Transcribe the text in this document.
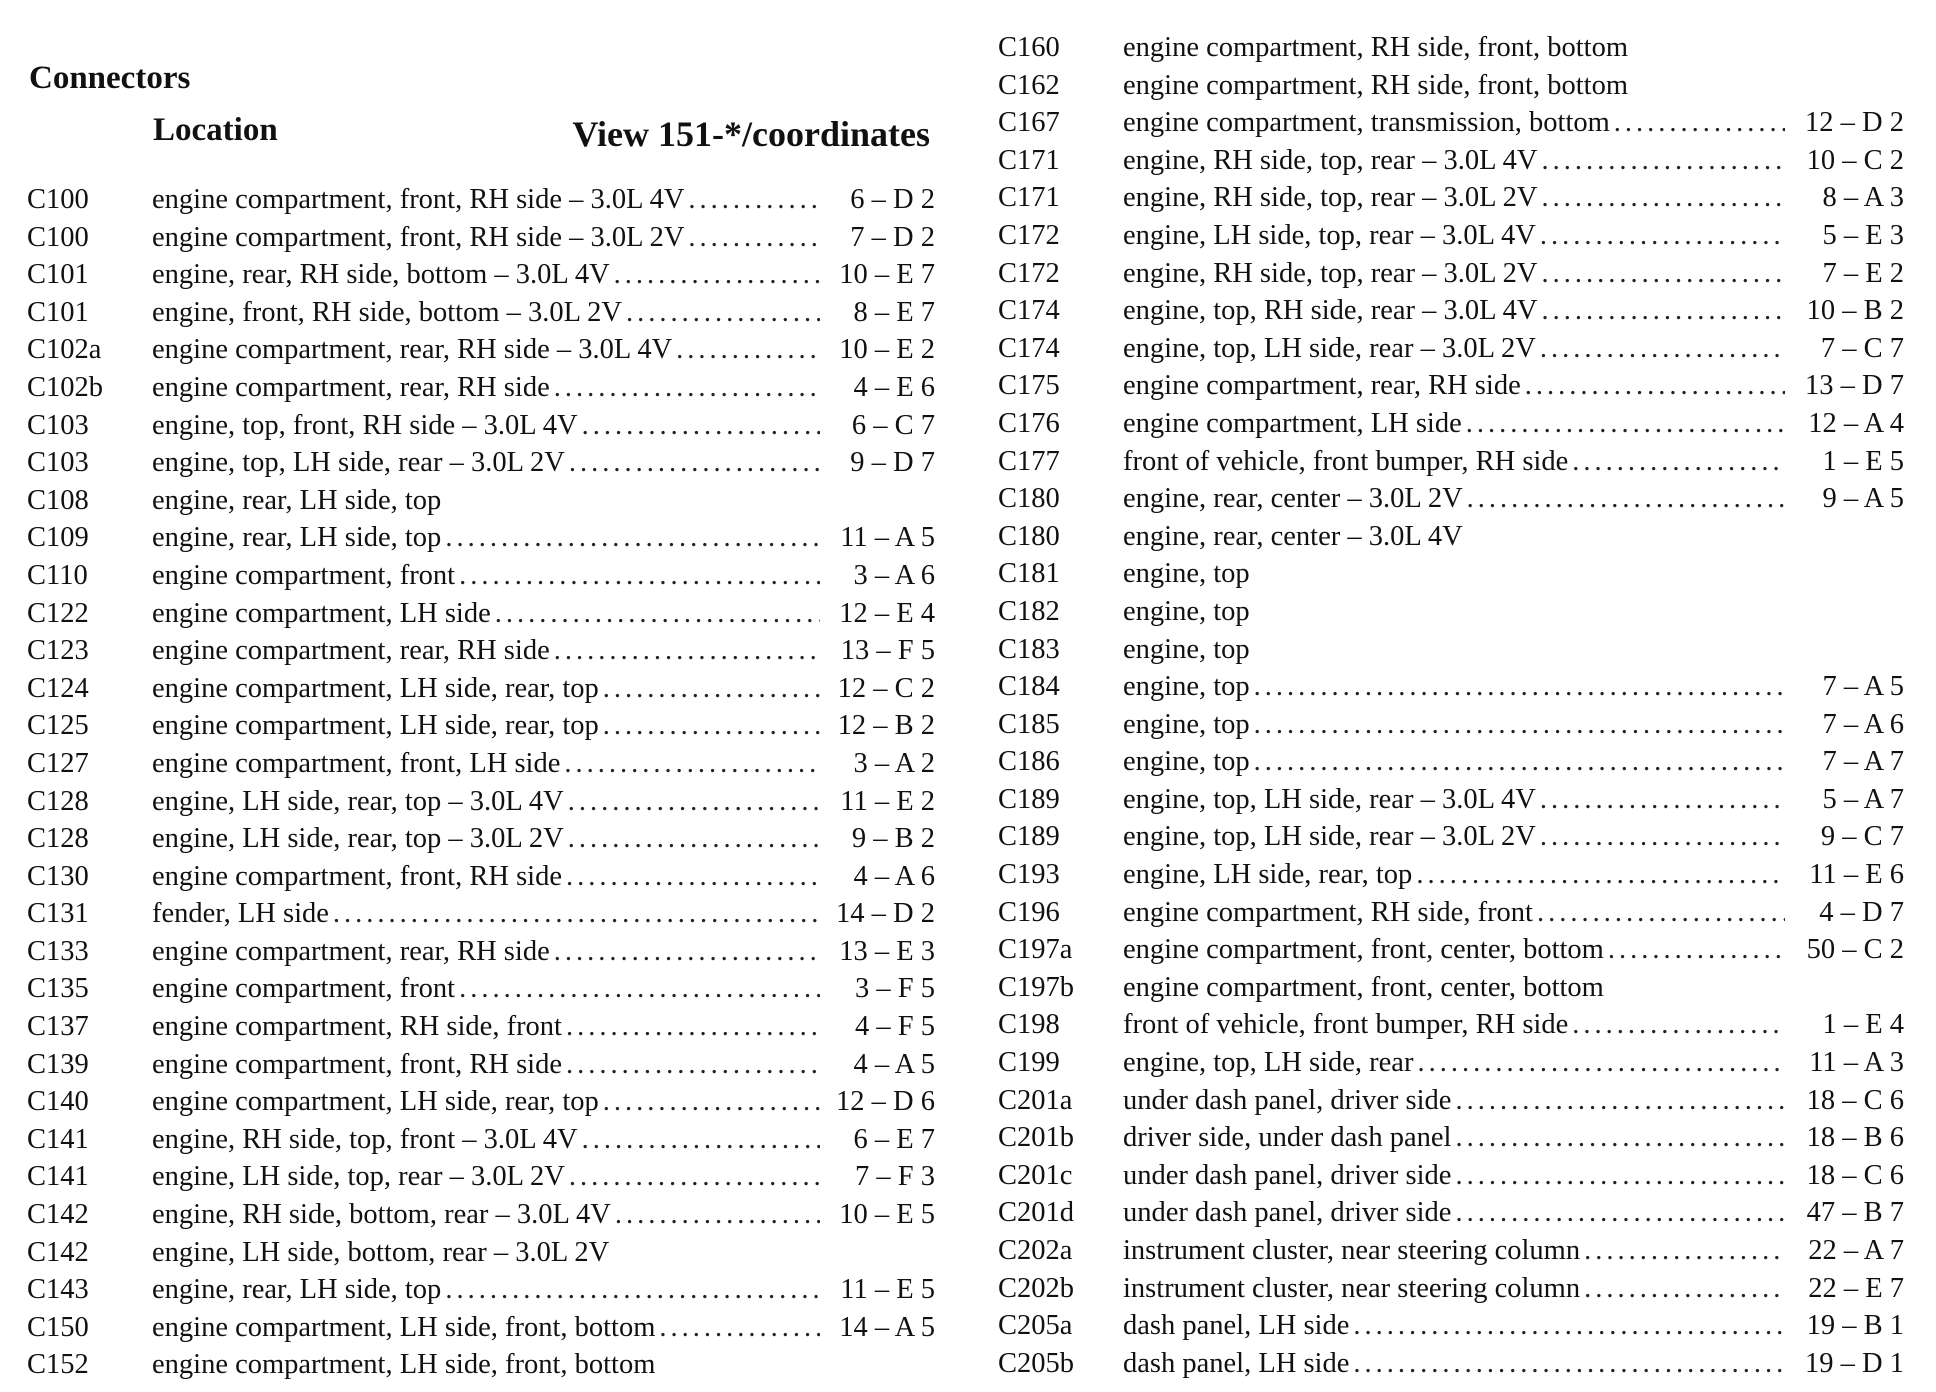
Connectors
Location	View 151-*/coordinates
C100 engine compartment, front, RH side – 3.0L 4V .....	6 – D 2
C100 engine compartment, front, RH side – 3.0L 2V .....	7 – D 2
C101 engine, rear, RH side, bottom – 3.0L 4V .....	10 – E 7
C101 engine, front, RH side, bottom – 3.0L 2V .....	8 – E 7
C102a engine compartment, rear, RH side – 3.0L 4V .....	10 – E 2
C102b engine compartment, rear, RH side .....	4 – E 6
C103 engine, top, front, RH side – 3.0L 4V .....	6 – C 7
C103 engine, top, LH side, rear – 3.0L 2V .....	9 – D 7
C108 engine, rear, LH side, top
C109 engine, rear, LH side, top .....	11 – A 5
C110 engine compartment, front .....	3 – A 6
C122 engine compartment, LH side .....	12 – E 4
C123 engine compartment, rear, RH side .....	13 – F 5
C124 engine compartment, LH side, rear, top .....	12 – C 2
C125 engine compartment, LH side, rear, top .....	12 – B 2
C127 engine compartment, front, LH side .....	3 – A 2
C128 engine, LH side, rear, top – 3.0L 4V .....	11 – E 2
C128 engine, LH side, rear, top – 3.0L 2V .....	9 – B 2
C130 engine compartment, front, RH side .....	4 – A 6
C131 fender, LH side .....	14 – D 2
C133 engine compartment, rear, RH side .....	13 – E 3
C135 engine compartment, front .....	3 – F 5
C137 engine compartment, RH side, front .....	4 – F 5
C139 engine compartment, front, RH side .....	4 – A 5
C140 engine compartment, LH side, rear, top .....	12 – D 6
C141 engine, RH side, top, front – 3.0L 4V .....	6 – E 7
C141 engine, LH side, top, rear – 3.0L 2V .....	7 – F 3
C142 engine, RH side, bottom, rear – 3.0L 4V .....	10 – E 5
C142 engine, LH side, bottom, rear – 3.0L 2V
C143 engine, rear, LH side, top .....	11 – E 5
C150 engine compartment, LH side, front, bottom .....	14 – A 5
C152 engine compartment, LH side, front, bottom
C160 engine compartment, RH side, front, bottom
C162 engine compartment, RH side, front, bottom
C167 engine compartment, transmission, bottom .....	12 – D 2
C171 engine, RH side, top, rear – 3.0L 4V .....	10 – C 2
C171 engine, RH side, top, rear – 3.0L 2V .....	8 – A 3
C172 engine, LH side, top, rear – 3.0L 4V .....	5 – E 3
C172 engine, RH side, top, rear – 3.0L 2V .....	7 – E 2
C174 engine, top, RH side, rear – 3.0L 4V .....	10 – B 2
C174 engine, top, LH side, rear – 3.0L 2V .....	7 – C 7
C175 engine compartment, rear, RH side .....	13 – D 7
C176 engine compartment, LH side .....	12 – A 4
C177 front of vehicle, front bumper, RH side .....	1 – E 5
C180 engine, rear, center – 3.0L 2V .....	9 – A 5
C180 engine, rear, center – 3.0L 4V
C181 engine, top
C182 engine, top
C183 engine, top
C184 engine, top .....	7 – A 5
C185 engine, top .....	7 – A 6
C186 engine, top .....	7 – A 7
C189 engine, top, LH side, rear – 3.0L 4V .....	5 – A 7
C189 engine, top, LH side, rear – 3.0L 2V .....	9 – C 7
C193 engine, LH side, rear, top .....	11 – E 6
C196 engine compartment, RH side, front .....	4 – D 7
C197a engine compartment, front, center, bottom .....	50 – C 2
C197b engine compartment, front, center, bottom
C198 front of vehicle, front bumper, RH side .....	1 – E 4
C199 engine, top, LH side, rear .....	11 – A 3
C201a under dash panel, driver side .....	18 – C 6
C201b driver side, under dash panel .....	18 – B 6
C201c under dash panel, driver side .....	18 – C 6
C201d under dash panel, driver side .....	47 – B 7
C202a instrument cluster, near steering column .....	22 – A 7
C202b instrument cluster, near steering column .....	22 – E 7
C205a dash panel, LH side .....	19 – B 1
C205b dash panel, LH side .....	19 – D 1
